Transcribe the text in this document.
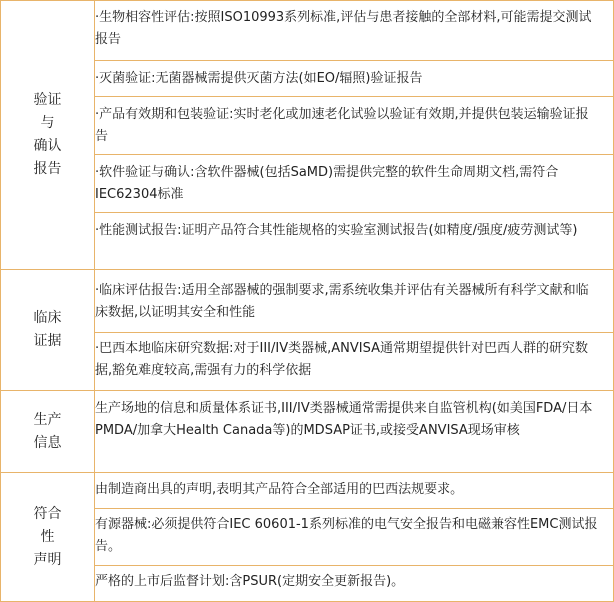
验证
与
确认
报告
临床
证据
生产
信息
符合
性
声明
·生物相容性评估:按照ISO10993系列标准,评估与患者接触的全部材料,可能需提交测试报告
·灭菌验证:无菌器械需提供灭菌方法(如EO/辐照)验证报告
·产品有效期和包装验证:实时老化或加速老化试验以验证有效期,并提供包装运输验证报告
·软件验证与确认:含软件器械(包括SaMD)需提供完整的软件生命周期文档,需符合IEC62304标准
·性能测试报告:证明产品符合其性能规格的实验室测试报告(如精度/强度/疲劳测试等)
·临床评估报告:适用全部器械的强制要求,需系统收集并评估有关器械所有科学文献和临床数据,以证明其安全和性能
·巴西本地临床研究数据:对于III/IV类器械,ANVISA通常期望提供针对巴西人群的研究数据,豁免难度较高,需强有力的科学依据
生产场地的信息和质量体系证书,III/IV类器械通常需提供来自监管机构(如美国FDA/日本PMDA/加拿大Health Canada等)的MDSAP证书,或接受ANVISA现场审核
由制造商出具的声明,表明其产品符合全部适用的巴西法规要求。
有源器械:必须提供符合IEC 60601-1系列标准的电气安全报告和电磁兼容性EMC测试报告。
严格的上市后监督计划:含PSUR(定期安全更新报告)。
